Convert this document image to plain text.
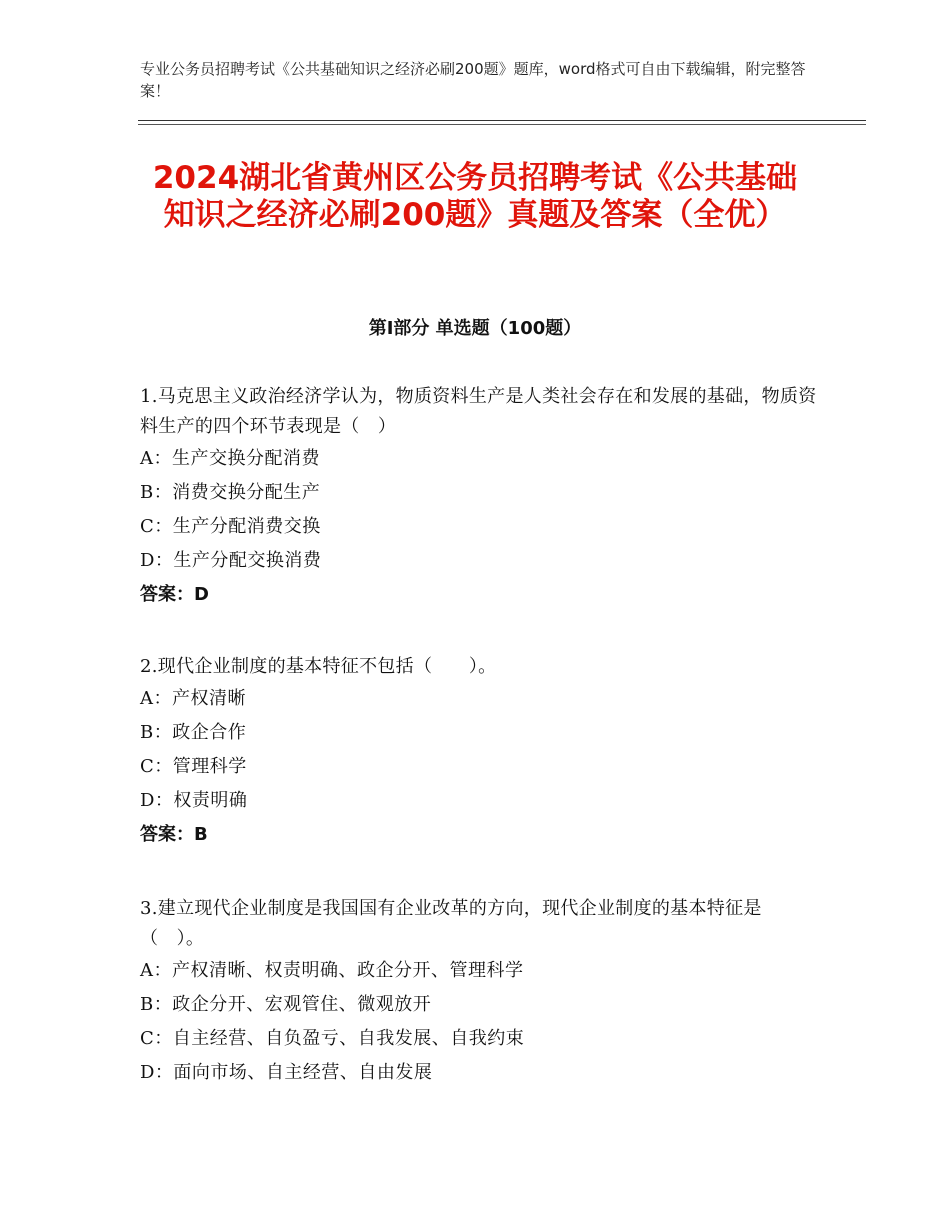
专业公务员招聘考试《公共基础知识之经济必刷200题》题库，word格式可自由下载编辑，附完整答案！
2024湖北省黄州区公务员招聘考试《公共基础知识之经济必刷200题》真题及答案（全优）
第Ⅰ部分 单选题（100题）
1.马克思主义政治经济学认为，物质资料生产是人类社会存在和发展的基础，物质资料生产的四个环节表现是（　）
A：生产交换分配消费
B：消费交换分配生产
C：生产分配消费交换
D：生产分配交换消费
答案：D
2.现代企业制度的基本特征不包括（　　）。
A：产权清晰
B：政企合作
C：管理科学
D：权责明确
答案：B
3.建立现代企业制度是我国国有企业改革的方向，现代企业制度的基本特征是（　）。
A：产权清晰、权责明确、政企分开、管理科学
B：政企分开、宏观管住、微观放开
C：自主经营、自负盈亏、自我发展、自我约束
D：面向市场、自主经营、自由发展
